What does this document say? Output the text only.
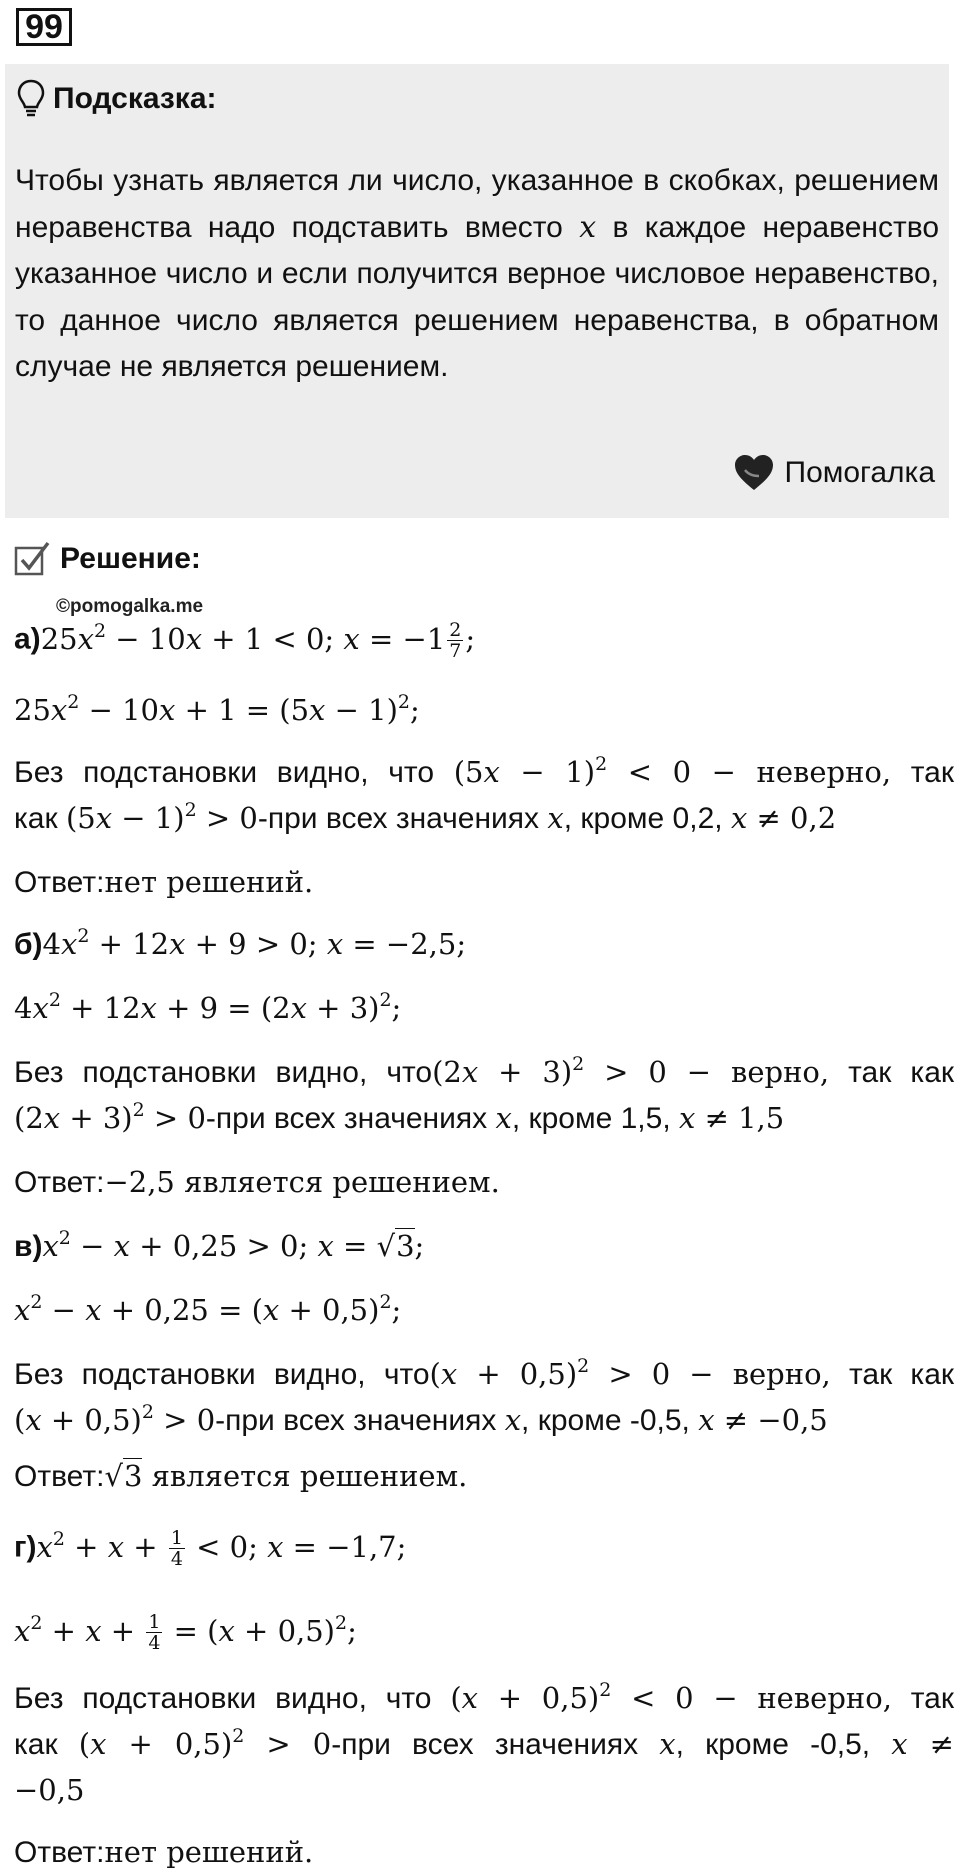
99
Подсказка:
Чтобы узнать является ли число, указанное в скобках, решением неравенства надо подставить вместо x в каждое неравенство указанное число и если получится верное числовое неравенство, то данное число является решением неравенства, в обратном случае не является решением.
Помогалка
Решение:
©pomogalka.me
$а)25x^2 - 10x + 1 < 0$; $x = -1 \frac{2}{7}$ ;
$25x^2 - 10x + 1 = (5x - 1)^2$;
Без подстановки видно, что $(5x - 1)^2 < 0$ − неверно, так
как $(5x - 1)^2 > 0-при$ всех значениях x, кроме 0,2, x ≠ 0,2
Ответ:нет решений.
$б)4x^2 + 12x + 9 > 0$; x = −2,5;
$4x^2 + 12x + 9 = (2x + 3)^2$;
Без подстановки видно, $что(2x + 3)^2 > 0$ − верно, так как
$(2x + 3)^2 > 0-при$ всех значениях x, кроме 1,5, x ≠ 1,5
Ответ:−2,5 является решением.
$в)x^2 - x + 0,25 > 0$; x = √3;
$x^2 - x + 0,25 = (x + 0,5)^2$;
Без подстановки видно, $что(x + 0,5)^2 > 0$ − верно, так как
$(x + 0,5)^2 > 0-при$ всех значениях x, кроме -0,5, x ≠ −0,5
Ответ:√3 является решением.
$г)x^2 + x + \frac{1}{4} < 0$; x = −1,7;
$x^2 + x + \frac{1}{4} = (x + 0,5)^2$;
Без подстановки видно, что $(x + 0,5)^2 < 0$ − неверно, так
как $(x + 0,5)^2 > 0-при$ всех значениях x, кроме -0,5, x ≠
−0,5
Ответ:нет решений.
